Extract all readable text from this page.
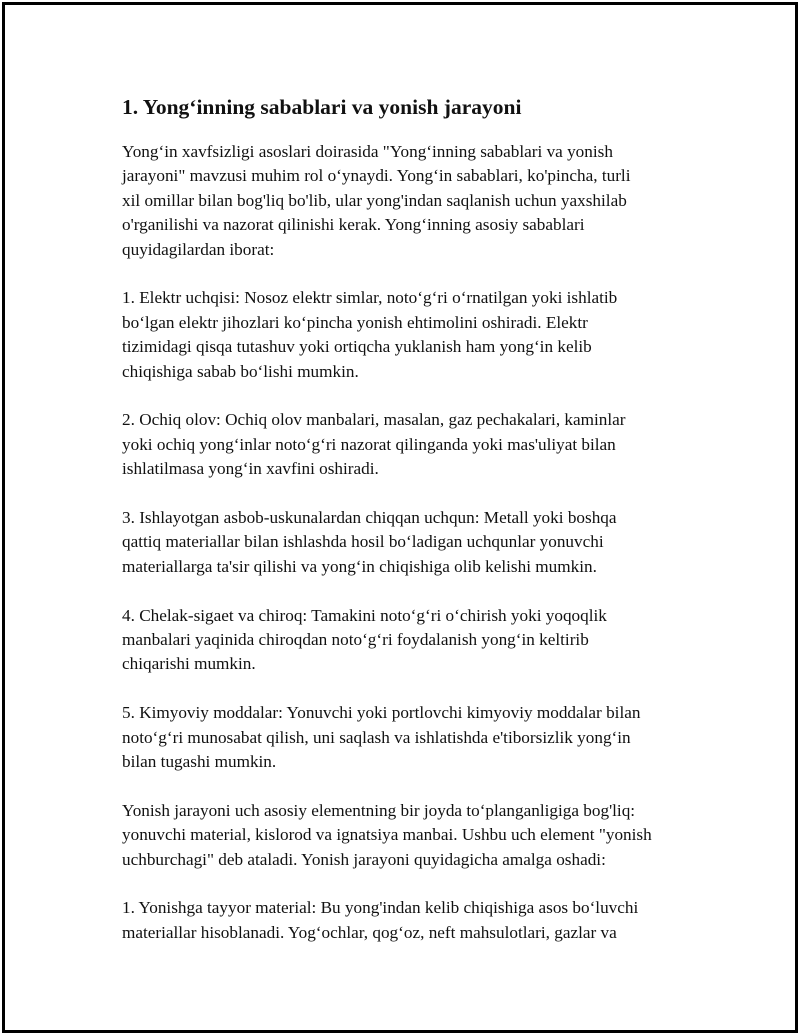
1. Yong‘inning sabablari va yonish jarayoni

Yong‘in xavfsizligi asoslari doirasida "Yong‘inning sabablari va yonish
jarayoni" mavzusi muhim rol o‘ynaydi. Yong‘in sabablari, ko'pincha, turli
xil omillar bilan bog'liq bo'lib, ular yong'indan saqlanish uchun yaxshilab
o'rganilishi va nazorat qilinishi kerak. Yong‘inning asosiy sabablari
quyidagilardan iborat:

1. Elektr uchqisi: Nosoz elektr simlar, noto‘g‘ri o‘rnatilgan yoki ishlatib
bo‘lgan elektr jihozlari ko‘pincha yonish ehtimolini oshiradi. Elektr
tizimidagi qisqa tutashuv yoki ortiqcha yuklanish ham yong‘in kelib
chiqishiga sabab bo‘lishi mumkin.

2. Ochiq olov: Ochiq olov manbalari, masalan, gaz pechakalari, kaminlar
yoki ochiq yong‘inlar noto‘g‘ri nazorat qilinganda yoki mas'uliyat bilan
ishlatilmasa yong‘in xavfini oshiradi.

3. Ishlayotgan asbob-uskunalardan chiqqan uchqun: Metall yoki boshqa
qattiq materiallar bilan ishlashda hosil bo‘ladigan uchqunlar yonuvchi
materiallarga ta'sir qilishi va yong‘in chiqishiga olib kelishi mumkin.

4. Chelak-sigaet va chiroq: Tamakini noto‘g‘ri o‘chirish yoki yoqoqlik
manbalari yaqinida chiroqdan noto‘g‘ri foydalanish yong‘in keltirib
chiqarishi mumkin.

5. Kimyoviy moddalar: Yonuvchi yoki portlovchi kimyoviy moddalar bilan
noto‘g‘ri munosabat qilish, uni saqlash va ishlatishda e'tiborsizlik yong‘in
bilan tugashi mumkin.

Yonish jarayoni uch asosiy elementning bir joyda to‘planganligiga bog'liq:
yonuvchi material, kislorod va ignatsiya manbai. Ushbu uch element "yonish
uchburchagi" deb ataladi. Yonish jarayoni quyidagicha amalga oshadi:

1. Yonishga tayyor material: Bu yong'indan kelib chiqishiga asos bo‘luvchi
materiallar hisoblanadi. Yog‘ochlar, qog‘oz, neft mahsulotlari, gazlar va
